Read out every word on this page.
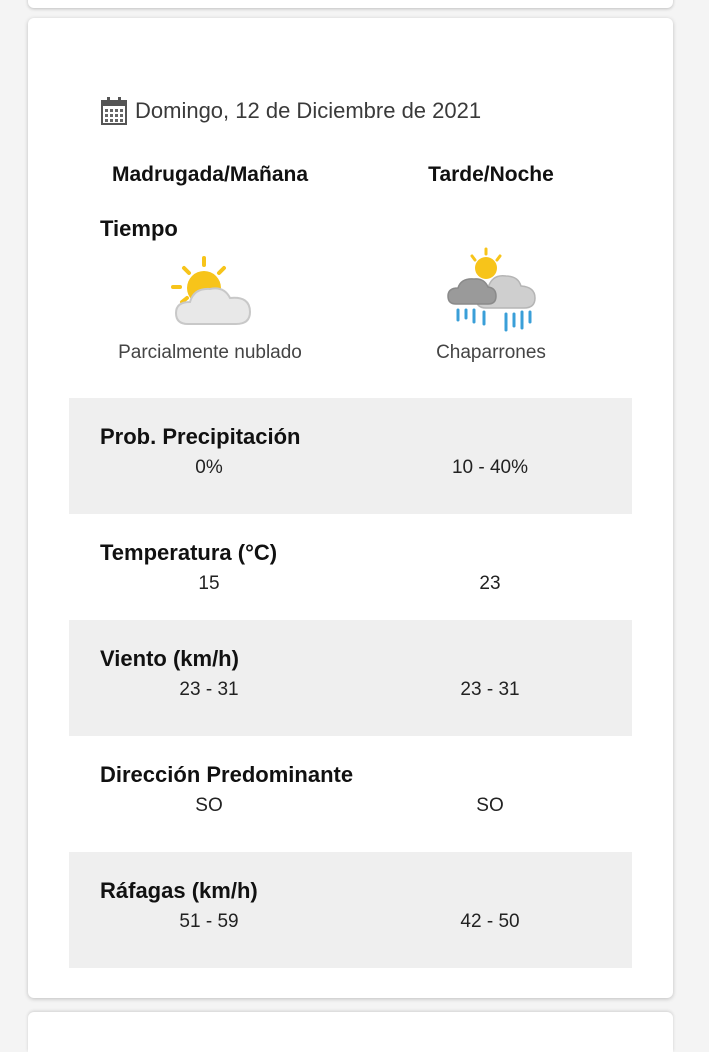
Domingo, 12 de Diciembre de 2021
Madrugada/Mañana	Tarde/Noche
Tiempo
Parcialmente nublado	Chaparrones
Prob. Precipitación
0%	10 - 40%
Temperatura (°C)
15	23
Viento (km/h)
23 - 31	23 - 31
Dirección Predominante
SO	SO
Ráfagas (km/h)
51 - 59	42 - 50
